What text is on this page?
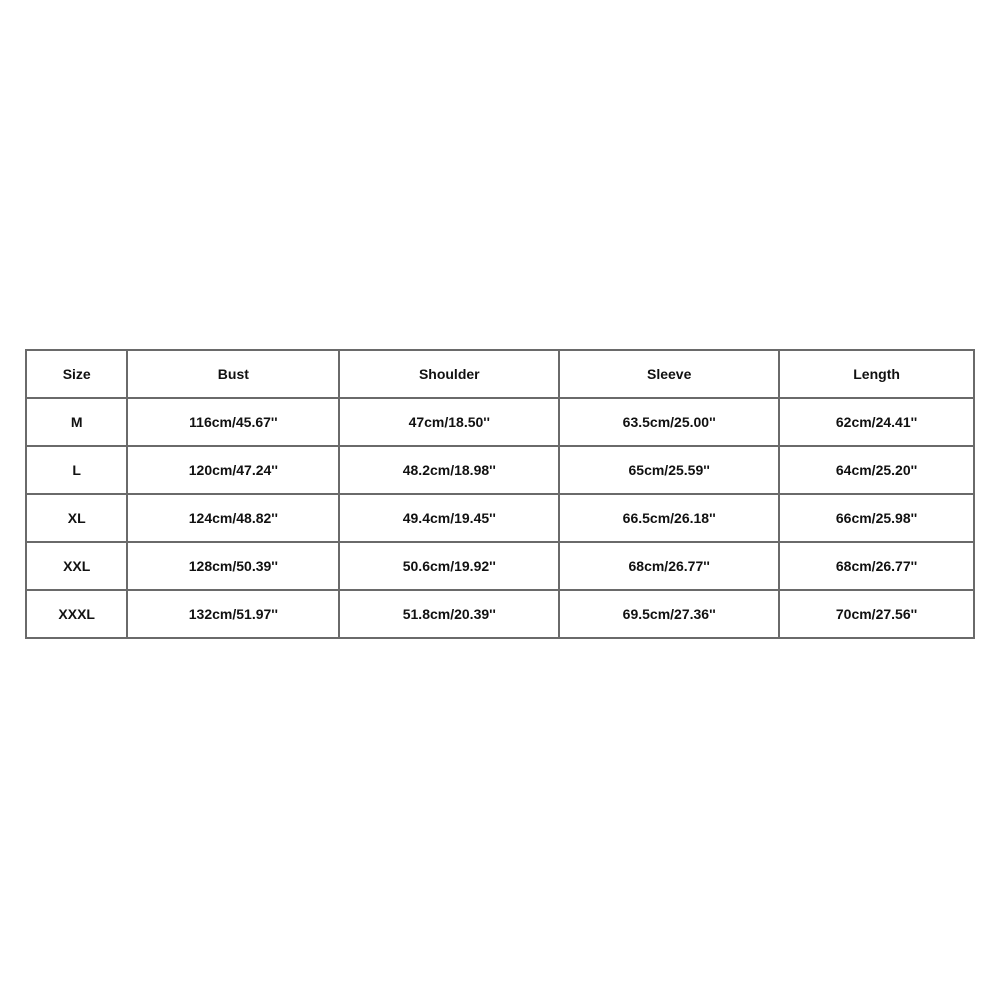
Size	Bust	Shoulder	Sleeve	Length
M	116cm/45.67''	47cm/18.50''	63.5cm/25.00''	62cm/24.41''
L	120cm/47.24''	48.2cm/18.98''	65cm/25.59''	64cm/25.20''
XL	124cm/48.82''	49.4cm/19.45''	66.5cm/26.18''	66cm/25.98''
XXL	128cm/50.39''	50.6cm/19.92''	68cm/26.77''	68cm/26.77''
XXXL	132cm/51.97''	51.8cm/20.39''	69.5cm/27.36''	70cm/27.56''
